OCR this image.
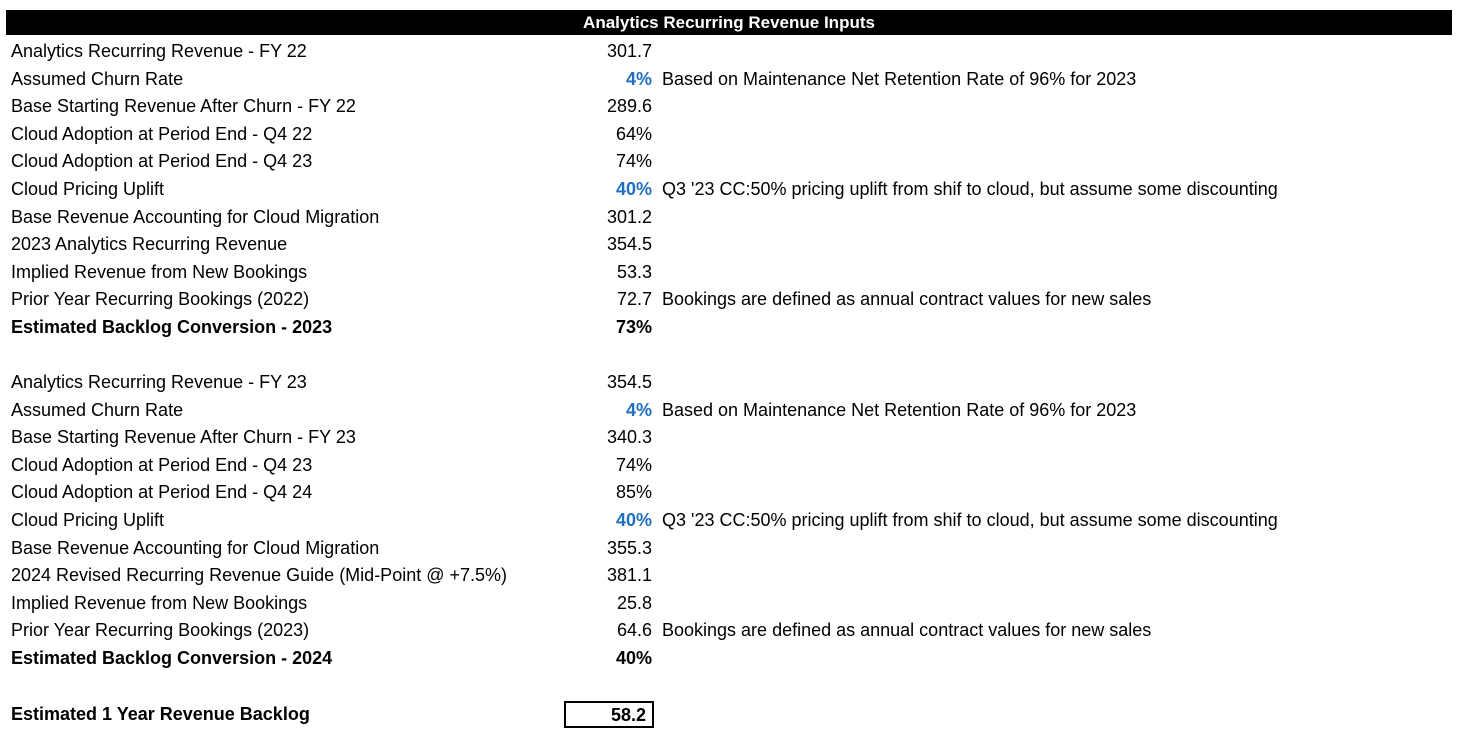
Analytics Recurring Revenue Inputs
Analytics Recurring Revenue - FY 22	301.7
Assumed Churn Rate	4% Based on Maintenance Net Retention Rate of 96% for 2023
Base Starting Revenue After Churn - FY 22	289.6
Cloud Adoption at Period End - Q4 22	64%
Cloud Adoption at Period End - Q4 23	74%
Cloud Pricing Uplift	40% Q3 '23 CC:50% pricing uplift from shif to cloud, but assume some discounting
Base Revenue Accounting for Cloud Migration	301.2
2023 Analytics Recurring Revenue	354.5
Implied Revenue from New Bookings	53.3
Prior Year Recurring Bookings (2022)	72.7 Bookings are defined as annual contract values for new sales
Estimated Backlog Conversion - 2023	73%
Analytics Recurring Revenue - FY 23	354.5
Assumed Churn Rate	4% Based on Maintenance Net Retention Rate of 96% for 2023
Base Starting Revenue After Churn - FY 23	340.3
Cloud Adoption at Period End - Q4 23	74%
Cloud Adoption at Period End - Q4 24	85%
Cloud Pricing Uplift	40% Q3 '23 CC:50% pricing uplift from shif to cloud, but assume some discounting
Base Revenue Accounting for Cloud Migration	355.3
2024 Revised Recurring Revenue Guide (Mid-Point @ +7.5%)	381.1
Implied Revenue from New Bookings	25.8
Prior Year Recurring Bookings (2023)	64.6 Bookings are defined as annual contract values for new sales
Estimated Backlog Conversion - 2024	40%
Estimated 1 Year Revenue Backlog	58.2
